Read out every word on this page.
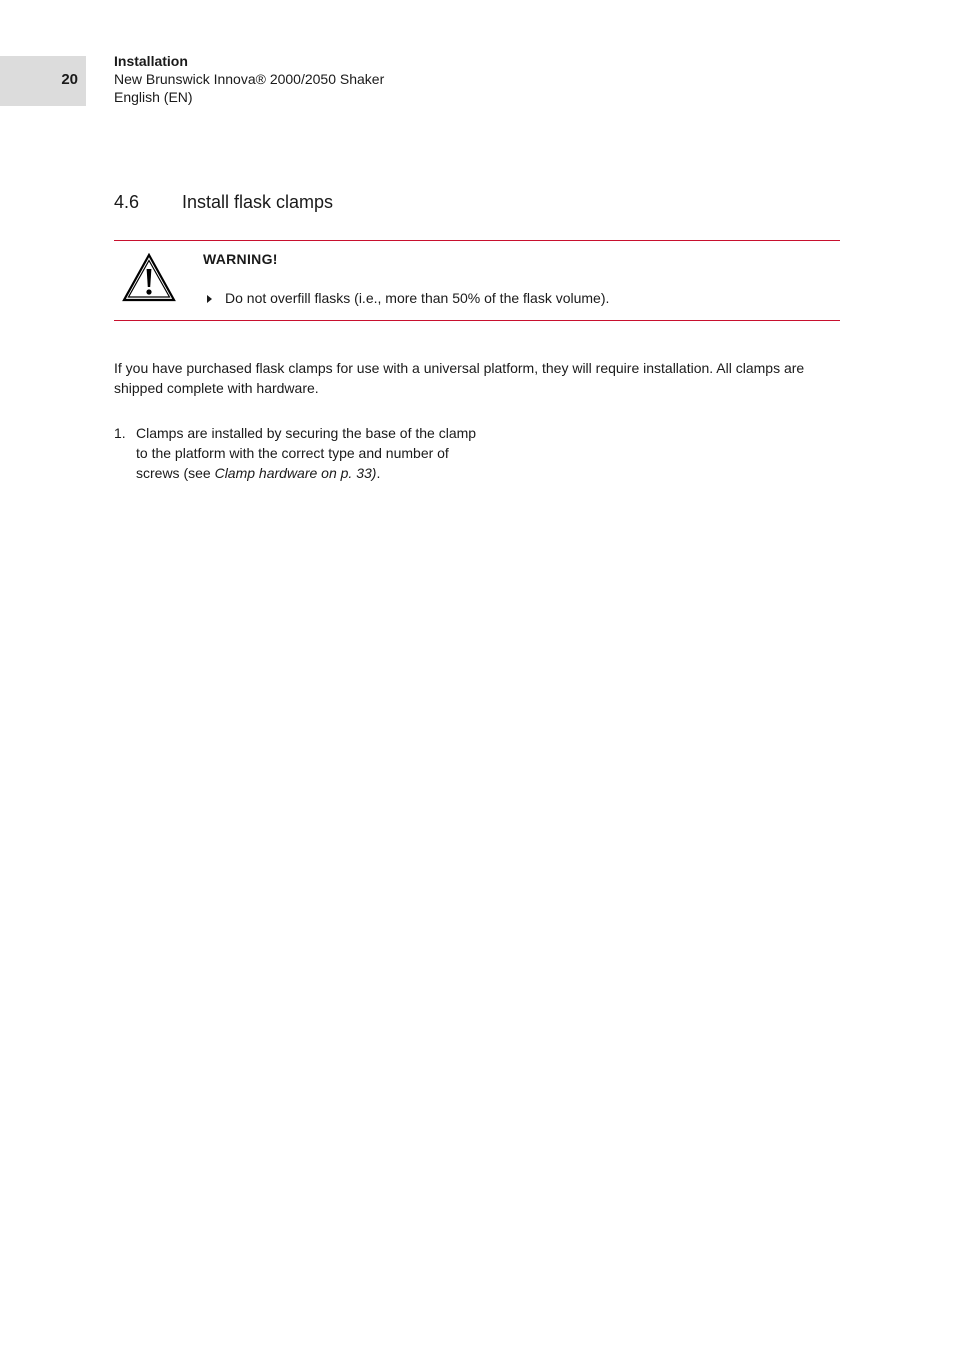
20
Installation
New Brunswick Innova® 2000/2050 Shaker
English (EN)
4.6 Install flask clamps
WARNING!
Do not overfill flasks (i.e., more than 50% of the flask volume).

If you have purchased flask clamps for use with a universal platform, they will require installation. All clamps are shipped complete with hardware.

1. Clamps are installed by securing the base of the clamp to the platform with the correct type and number of screws (see Clamp hardware on p. 33).
